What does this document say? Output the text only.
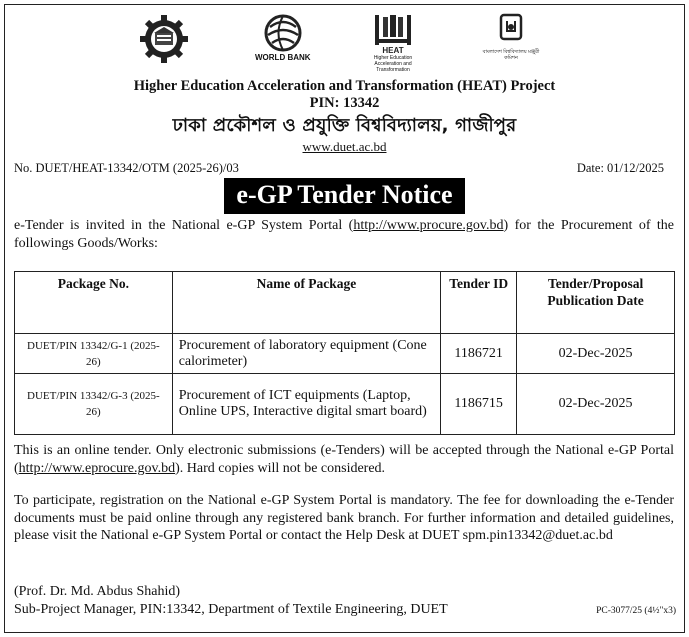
WORLD BANK
HEAT
Higher Education Acceleration and Transformation
বাংলাদেশ বিশ্ববিদ্যালয় মঞ্জুরী কমিশন
Higher Education Acceleration and Transformation (HEAT) Project
PIN: 13342
ঢাকা প্রকৌশল ও প্রযুক্তি বিশ্ববিদ্যালয়, গাজীপুর
www.duet.ac.bd
No. DUET/HEAT-13342/OTM (2025-26)/03	Date: 01/12/2025
e-GP Tender Notice
e-Tender is invited in the National e-GP System Portal (http://www.procure.gov.bd) for the Procurement of the followings Goods/Works:
Package No.	Name of Package	Tender ID	Tender/Proposal Publication Date
DUET/PIN 13342/G-1 (2025-26)	Procurement of laboratory equipment (Cone calorimeter)	1186721	02-Dec-2025
DUET/PIN 13342/G-3 (2025-26)	Procurement of ICT equipments (Laptop, Online UPS, Interactive digital smart board)	1186715	02-Dec-2025
This is an online tender. Only electronic submissions (e-Tenders) will be accepted through the National e-GP Portal (http://www.eprocure.gov.bd). Hard copies will not be considered.
To participate, registration on the National e-GP System Portal is mandatory. The fee for downloading the e-Tender documents must be paid online through any registered bank branch. For further information and detailed guidelines, please visit the National e-GP System Portal or contact the Help Desk at DUET spm.pin13342@duet.ac.bd
(Prof. Dr. Md. Abdus Shahid)
Sub-Project Manager, PIN:13342, Department of Textile Engineering, DUET	PC-3077/25 (4½"x3)
